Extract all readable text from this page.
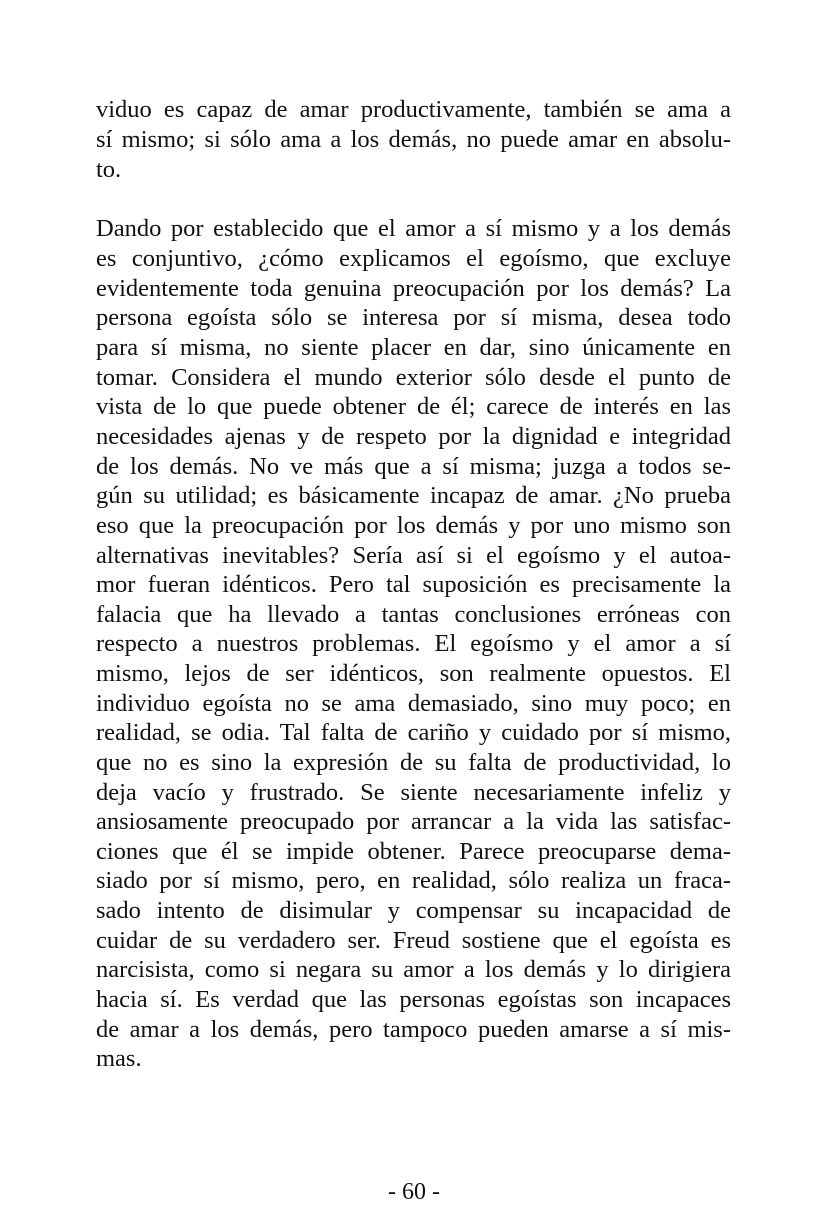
viduo es capaz de amar productivamente, también se ama a
sí mismo; si sólo ama a los demás, no puede amar en absolu-
to.
Dando por establecido que el amor a sí mismo y a los demás
es conjuntivo, ¿cómo explicamos el egoísmo, que excluye
evidentemente toda genuina preocupación por los demás? La
persona egoísta sólo se interesa por sí misma, desea todo
para sí misma, no siente placer en dar, sino únicamente en
tomar. Considera el mundo exterior sólo desde el punto de
vista de lo que puede obtener de él; carece de interés en las
necesidades ajenas y de respeto por la dignidad e integridad
de los demás. No ve más que a sí misma; juzga a todos se-
gún su utilidad; es básicamente incapaz de amar. ¿No prueba
eso que la preocupación por los demás y por uno mismo son
alternativas inevitables? Sería así si el egoísmo y el autoa-
mor fueran idénticos. Pero tal suposición es precisamente la
falacia que ha llevado a tantas conclusiones erróneas con
respecto a nuestros problemas. El egoísmo y el amor a sí
mismo, lejos de ser idénticos, son realmente opuestos. El
individuo egoísta no se ama demasiado, sino muy poco; en
realidad, se odia. Tal falta de cariño y cuidado por sí mismo,
que no es sino la expresión de su falta de productividad, lo
deja vacío y frustrado. Se siente necesariamente infeliz y
ansiosamente preocupado por arrancar a la vida las satisfac-
ciones que él se impide obtener. Parece preocuparse dema-
siado por sí mismo, pero, en realidad, sólo realiza un fraca-
sado intento de disimular y compensar su incapacidad de
cuidar de su verdadero ser. Freud sostiene que el egoísta es
narcisista, como si negara su amor a los demás y lo dirigiera
hacia sí. Es verdad que las personas egoístas son incapaces
de amar a los demás, pero tampoco pueden amarse a sí mis-
mas.
- 60 -
